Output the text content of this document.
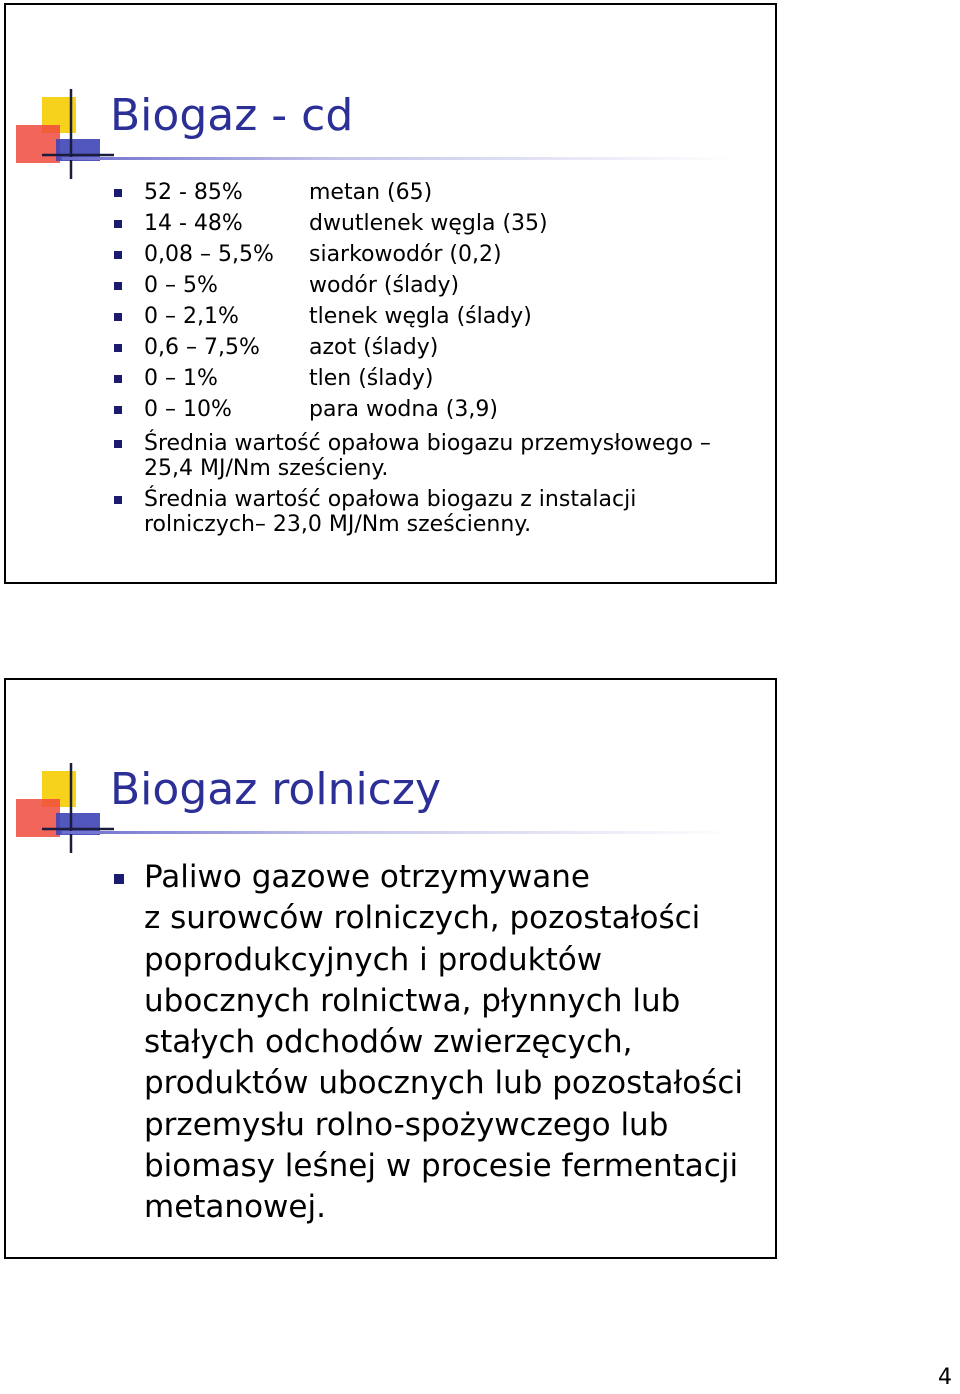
Biogaz - cd
52 - 85%	metan (65)
14 - 48%	dwutlenek węgla (35)
0,08 – 5,5% siarkowodór (0,2)
0 – 5%	wodór (ślady)
0 – 2,1%	tlenek węgla (ślady)
0,6 – 7,5% azot (ślady)
0 – 1%	tlen (ślady)
0 – 10%	para wodna (3,9)
Średnia wartość opałowa biogazu przemysłowego – 25,4 MJ/Nm sześcieny.
Średnia wartość opałowa biogazu z instalacji rolniczych– 23,0 MJ/Nm sześcienny.
Biogaz rolniczy
Paliwo gazowe otrzymywane
z surowców rolniczych, pozostałości
poprodukcyjnych i produktów
ubocznych rolnictwa, płynnych lub
stałych odchodów zwierzęcych,
produktów ubocznych lub pozostałości
przemysłu rolno-spożywczego lub
biomasy leśnej w procesie fermentacji
metanowej.
4
